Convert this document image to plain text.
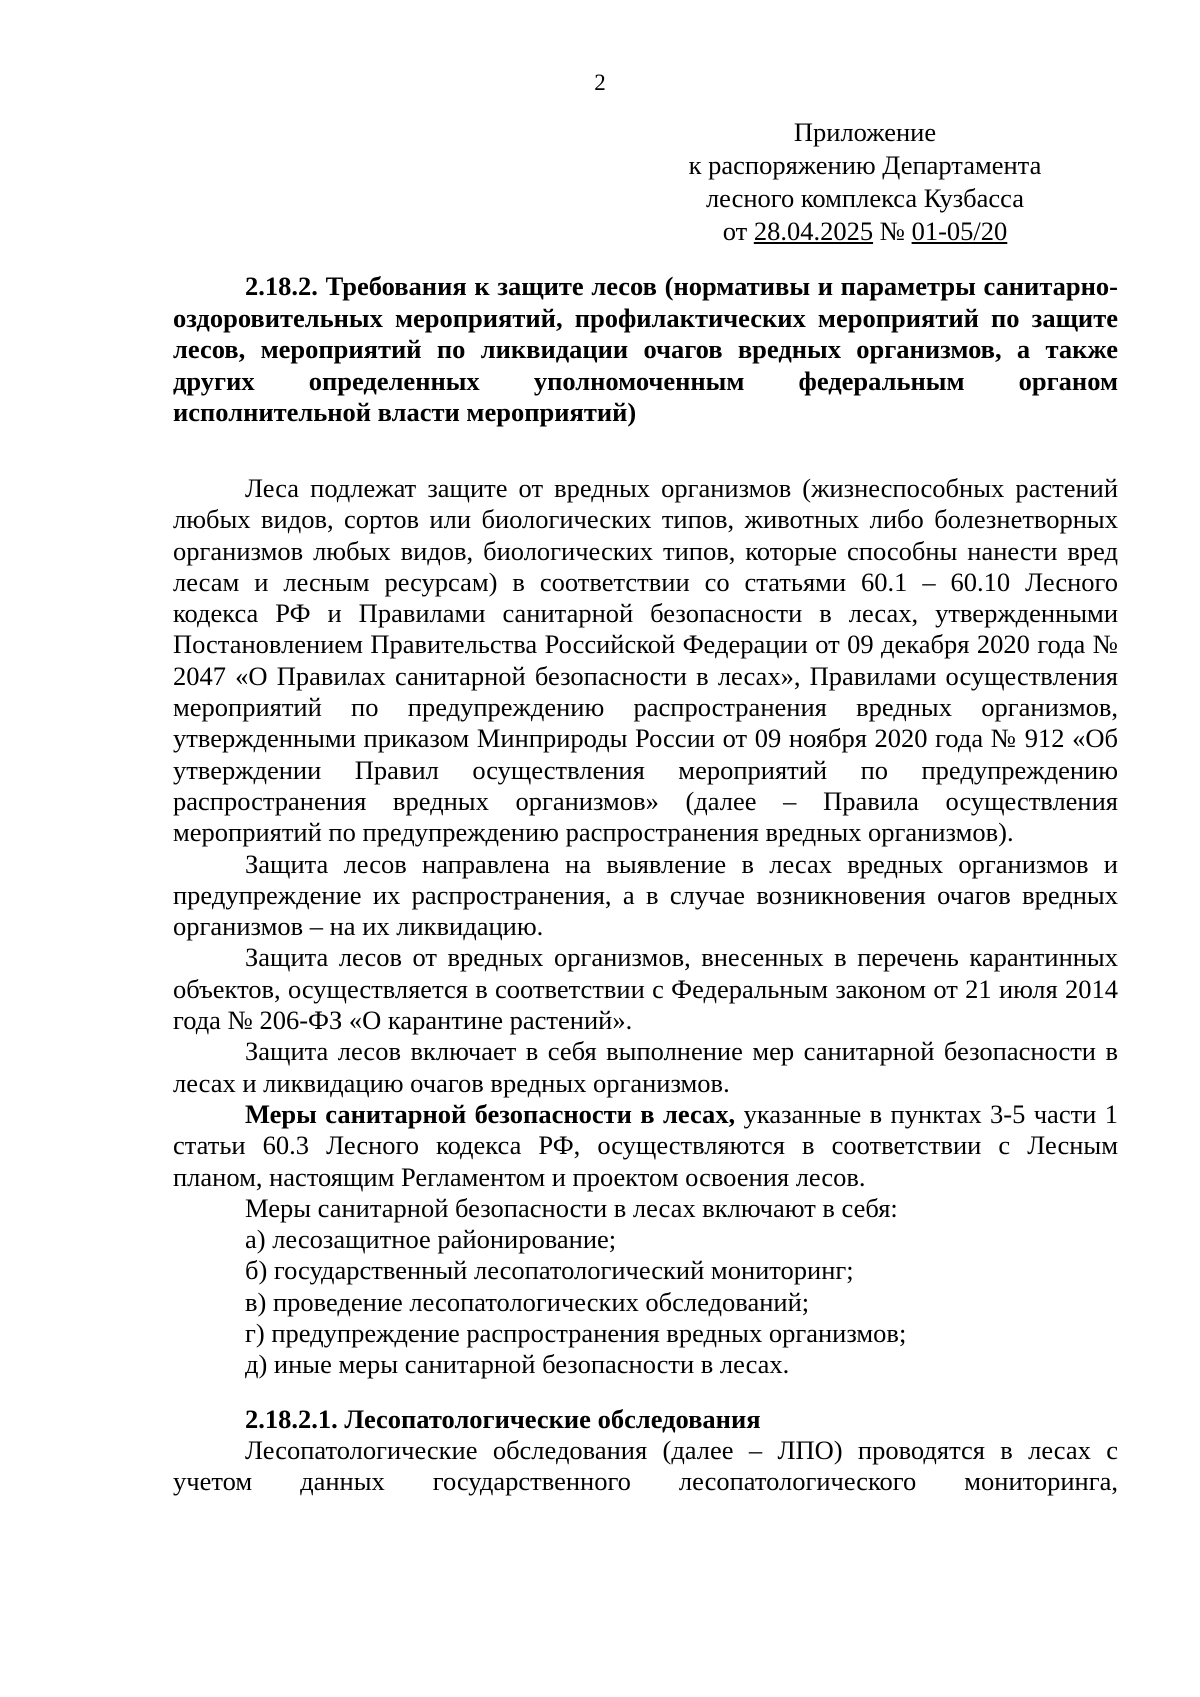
2
Приложение
к распоряжению Департамента
лесного комплекса Кузбасса
от 28.04.2025 № 01-05/20
2.18.2. Требования к защите лесов (нормативы и параметры санитарно-оздоровительных мероприятий, профилактических мероприятий по защите лесов, мероприятий по ликвидации очагов вредных организмов, а также других определенных уполномоченным федеральным органом исполнительной власти мероприятий)

Леса подлежат защите от вредных организмов (жизнеспособных растений любых видов, сортов или биологических типов, животных либо болезнетворных организмов любых видов, биологических типов, которые способны нанести вред лесам и лесным ресурсам) в соответствии со статьями 60.1 – 60.10 Лесного кодекса РФ и Правилами санитарной безопасности в лесах, утвержденными Постановлением Правительства Российской Федерации от 09 декабря 2020 года № 2047 «О Правилах санитарной безопасности в лесах», Правилами осуществления мероприятий по предупреждению распространения вредных организмов, утвержденными приказом Минприроды России от 09 ноября 2020 года № 912 «Об утверждении Правил осуществления мероприятий по предупреждению распространения вредных организмов» (далее – Правила осуществления мероприятий по предупреждению распространения вредных организмов).

Защита лесов направлена на выявление в лесах вредных организмов и предупреждение их распространения, а в случае возникновения очагов вредных организмов – на их ликвидацию.

Защита лесов от вредных организмов, внесенных в перечень карантинных объектов, осуществляется в соответствии с Федеральным законом от 21 июля 2014 года № 206-ФЗ «О карантине растений».

Защита лесов включает в себя выполнение мер санитарной безопасности в лесах и ликвидацию очагов вредных организмов.

Меры санитарной безопасности в лесах, указанные в пунктах 3-5 части 1 статьи 60.3 Лесного кодекса РФ, осуществляются в соответствии с Лесным планом, настоящим Регламентом и проектом освоения лесов.

Меры санитарной безопасности в лесах включают в себя:

а) лесозащитное районирование;

б) государственный лесопатологический мониторинг;

в) проведение лесопатологических обследований;

г) предупреждение распространения вредных организмов;

д) иные меры санитарной безопасности в лесах.

2.18.2.1. Лесопатологические обследования

Лесопатологические обследования (далее – ЛПО) проводятся в лесах с учетом данных государственного лесопатологического мониторинга,
